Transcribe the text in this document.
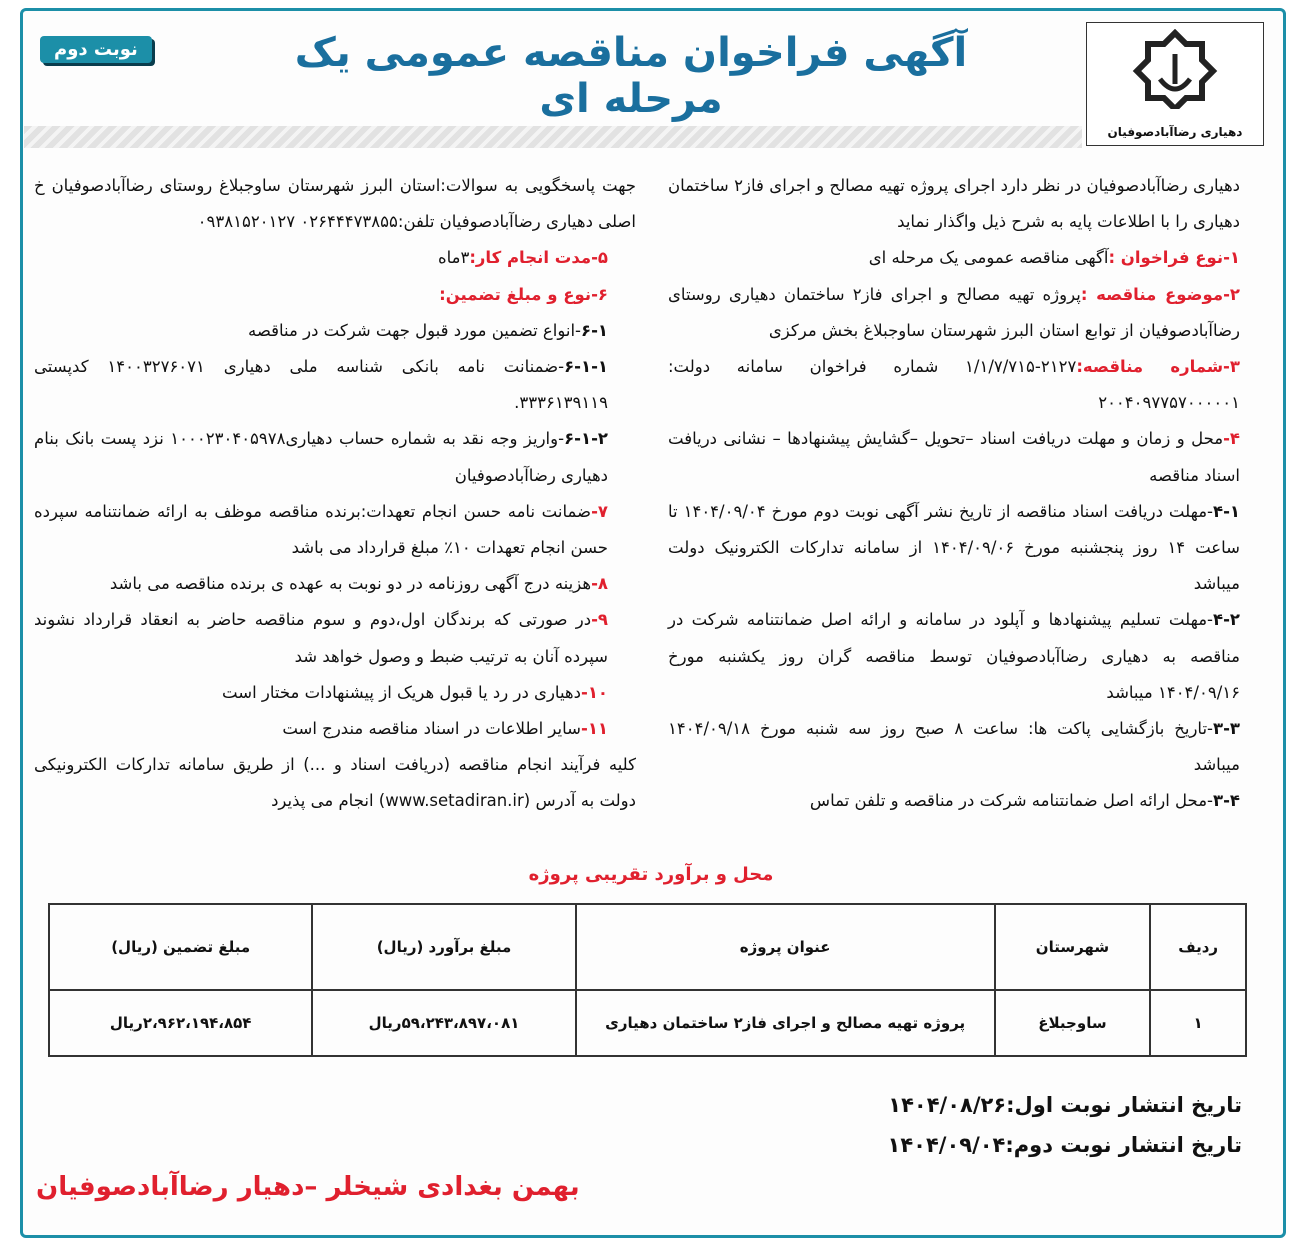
دهیاری رضاآبادصوفیان
آگهی فراخوان مناقصه عمومی یک مرحله ای
نوبت دوم

دهیاری رضاآبادصوفیان در نظر دارد اجرای پروژه تهیه مصالح و اجرای فاز۲ ساختمان دهیاری را با اطلاعات پایه به شرح ذیل واگذار نماید

۱-نوع فراخوان :آگهی مناقصه عمومی یک مرحله ای

۲-موضوع مناقصه :پروژه تهیه مصالح و اجرای فاز۲ ساختمان دهیاری روستای رضاآبادصوفیان از توابع استان البرز شهرستان ساوجبلاغ بخش مرکزی

۳-شماره مناقصه:۲۱۲۷-۱/۱/۷/۷۱۵ شماره فراخوان سامانه دولت: ۲۰۰۴۰۹۷۷۵۷۰۰۰۰۰۱

۴-محل و زمان و مهلت دریافت اسناد –تحویل –گشایش پیشنهادها – نشانی دریافت اسناد مناقصه

۴-۱-مهلت دریافت اسناد مناقصه از تاریخ نشر آگهی نوبت دوم مورخ ۱۴۰۴/۰۹/۰۴ تا ساعت ۱۴ روز پنجشنبه مورخ ۱۴۰۴/۰۹/۰۶ از سامانه تدارکات الکترونیک دولت میباشد

۴-۲-مهلت تسلیم پیشنهادها و آپلود در سامانه و ارائه اصل ضمانتنامه شرکت در مناقصه به دهیاری رضاآبادصوفیان توسط مناقصه گران روز یکشنبه مورخ ۱۴۰۴/۰۹/۱۶ میباشد

۳-۳-تاریخ بازگشایی پاکت ها: ساعت ۸ صبح روز سه شنبه مورخ ۱۴۰۴/۰۹/۱۸ میباشد

۳-۴-محل ارائه اصل ضمانتنامه شرکت در مناقصه و تلفن تماس

جهت پاسخگویی به سوالات:استان البرز شهرستان ساوجبلاغ روستای رضاآبادصوفیان خ اصلی دهیاری رضاآبادصوفیان تلفن:۰۲۶۴۴۴۷۳۸۵۵ ۰۹۳۸۱۵۲۰۱۲۷

۵-مدت انجام کار:۳ماه

۶-نوع و مبلغ تضمین:

۶-۱-انواع تضمین مورد قبول جهت شرکت در مناقصه

۶-۱-۱-ضمنانت نامه بانکی شناسه ملی دهیاری ۱۴۰۰۳۲۷۶۰۷۱ کدپستی ۳۳۳۶۱۳۹۱۱۹.

۶-۱-۲-واریز وجه نقد به شماره حساب دهیاری۱۰۰۰۲۳۰۴۰۵۹۷۸ نزد پست بانک بنام دهیاری رضاآبادصوفیان

۷-ضمانت نامه حسن انجام تعهدات:برنده مناقصه موظف به ارائه ضمانتنامه سپرده حسن انجام تعهدات ۱۰٪ مبلغ قرارداد می باشد

۸-هزینه درج آگهی روزنامه در دو نوبت به عهده ی برنده مناقصه می باشد

۹-در صورتی که برندگان اول،دوم و سوم مناقصه حاضر به انعقاد قرارداد نشوند سپرده آنان به ترتیب ضبط و وصول خواهد شد

۱۰-دهیاری در رد یا قبول هریک از پیشنهادات مختار است

۱۱-سایر اطلاعات در اسناد مناقصه مندرج است

کلیه فرآیند انجام مناقصه (دریافت اسناد و ...) از طریق سامانه تدارکات الکترونیکی دولت به آدرس (www.setadiran.ir) انجام می پذیرد

محل و برآورد تقریبی پروژه
ردیف	شهرستان	عنوان پروژه	مبلغ برآورد (ریال)	مبلغ تضمین (ریال)
۱	ساوجبلاغ	پروژه تهیه مصالح و اجرای فاز۲ ساختمان دهیاری	۵۹،۲۴۳،۸۹۷،۰۸۱ریال	۲،۹۶۲،۱۹۴،۸۵۴ریال
تاریخ انتشار نوبت اول:۱۴۰۴/۰۸/۲۶
تاریخ انتشار نوبت دوم:۱۴۰۴/۰۹/۰۴
بهمن بغدادی شیخلر –دهیار رضاآبادصوفیان
